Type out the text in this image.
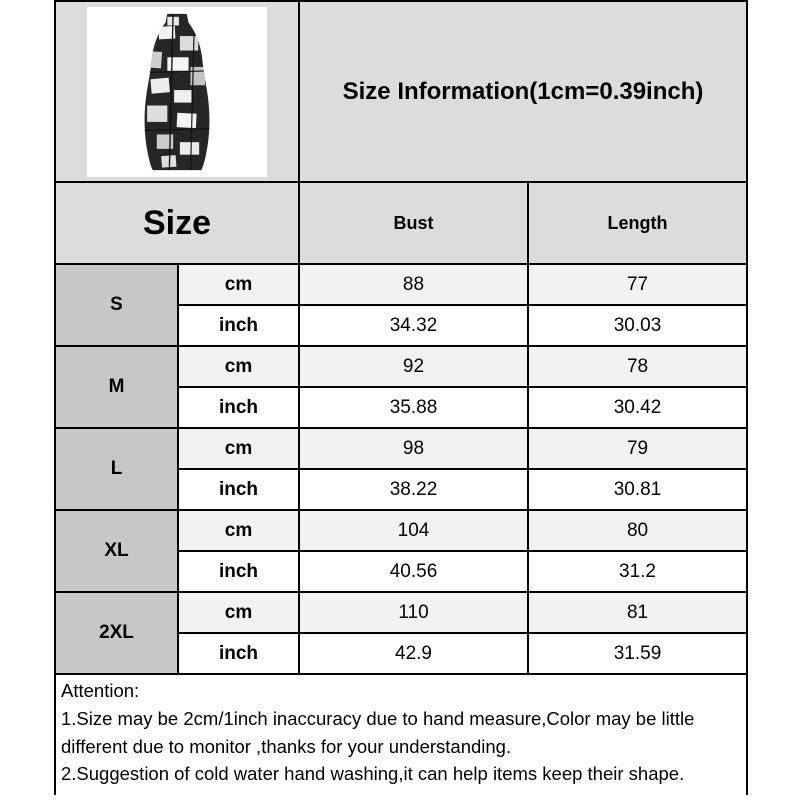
	Size Information(1cm=0.39inch)	
Size		Bust	Length
S	cm	88	77
	inch	34.32	30.03
M	cm	92	78
	inch	35.88	30.42
L	cm	98	79
	inch	38.22	30.81
XL	cm	104	80
	inch	40.56	31.2
2XL	cm	110	81
	inch	42.9	31.59

Attention:

1.Size may be 2cm/1inch inaccuracy due to hand measure,Color may be little different due to monitor ,thanks for your understanding.

2.Suggestion of cold water hand washing,it can help items keep their shape.			
